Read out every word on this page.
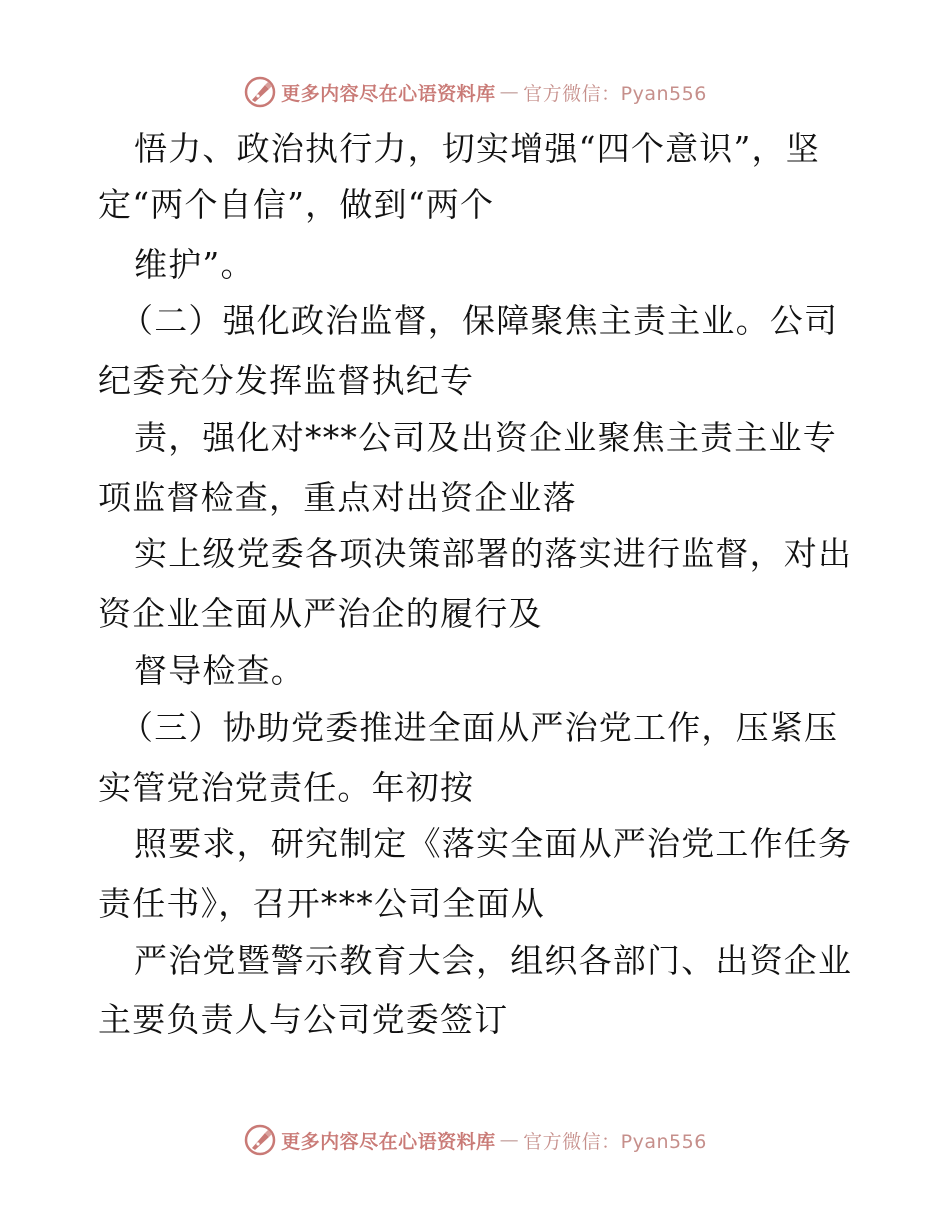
更多内容尽在心语资料库 — 官方微信：Pyan556
悟力、政治执行力，切实增强“四个意识”，坚
定“两个自信”，做到“两个
维护”。
（二）强化政治监督，保障聚焦主责主业。公司
纪委充分发挥监督执纪专
责，强化对***公司及出资企业聚焦主责主业专
项监督检查，重点对出资企业落
实上级党委各项决策部署的落实进行监督，对出
资企业全面从严治企的履行及
督导检查。
（三）协助党委推进全面从严治党工作，压紧压
实管党治党责任。年初按
照要求，研究制定《落实全面从严治党工作任务
责任书》，召开***公司全面从
严治党暨警示教育大会，组织各部门、出资企业
主要负责人与公司党委签订
更多内容尽在心语资料库 — 官方微信：Pyan556
